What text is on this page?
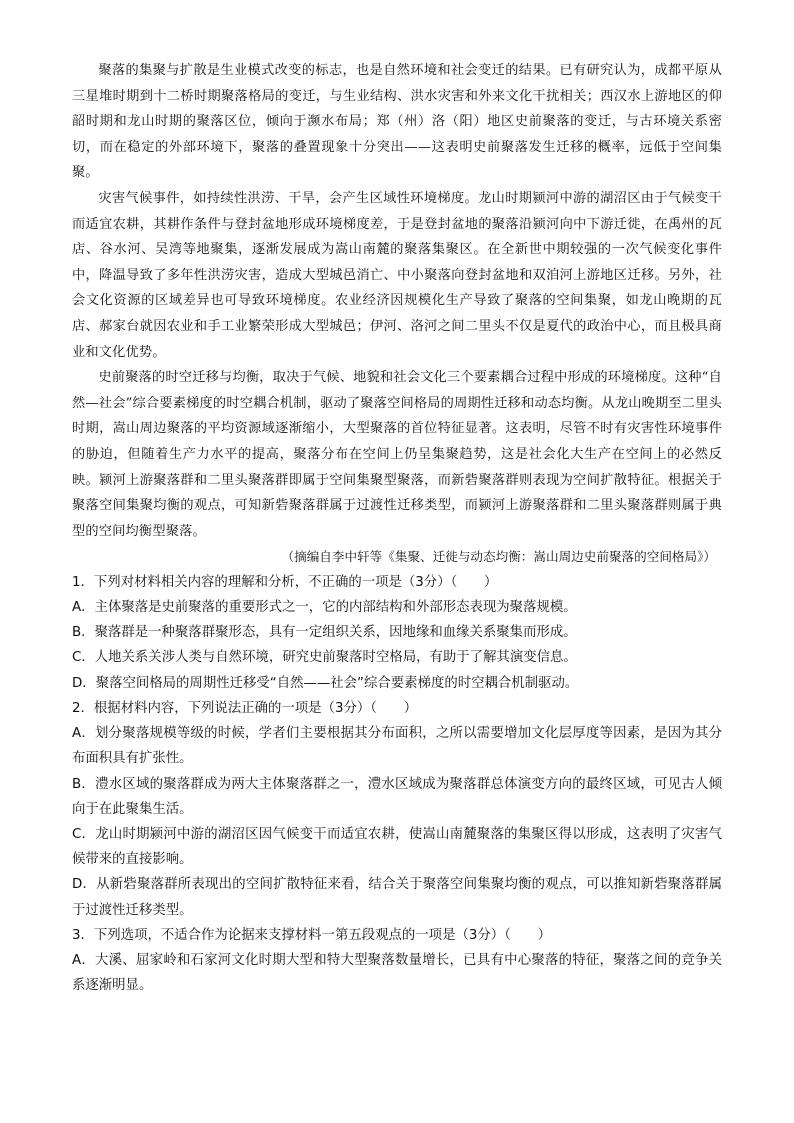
聚落的集聚与扩散是生业模式改变的标志，也是自然环境和社会变迁的结果。已有研究认为，成都平原从三星堆时期到十二桥时期聚落格局的变迁，与生业结构、洪水灾害和外来文化干扰相关；西汉水上游地区的仰韶时期和龙山时期的聚落区位，倾向于濒水布局；郑（州）洛（阳）地区史前聚落的变迁，与古环境关系密切，而在稳定的外部环境下，聚落的叠置现象十分突出——这表明史前聚落发生迁移的概率，远低于空间集聚。

灾害气候事件，如持续性洪涝、干旱，会产生区域性环境梯度。龙山时期颍河中游的湖沼区由于气候变干而适宜农耕，其耕作条件与登封盆地形成环境梯度差，于是登封盆地的聚落沿颍河向中下游迁徙，在禹州的瓦店、谷水河、吴湾等地聚集，逐渐发展成为嵩山南麓的聚落集聚区。在全新世中期较强的一次气候变化事件中，降温导致了多年性洪涝灾害，造成大型城邑消亡、中小聚落向登封盆地和双洎河上游地区迁移。另外，社会文化资源的区域差异也可导致环境梯度。农业经济因规模化生产导致了聚落的空间集聚，如龙山晚期的瓦店、郝家台就因农业和手工业繁荣形成大型城邑；伊河、洛河之间二里头不仅是夏代的政治中心，而且极具商业和文化优势。

史前聚落的时空迁移与均衡，取决于气候、地貌和社会文化三个要素耦合过程中形成的环境梯度。这种“自然—社会”综合要素梯度的时空耦合机制，驱动了聚落空间格局的周期性迁移和动态均衡。从龙山晚期至二里头时期，嵩山周边聚落的平均资源域逐渐缩小，大型聚落的首位特征显著。这表明，尽管不时有灾害性环境事件的胁迫，但随着生产力水平的提高，聚落分布在空间上仍呈集聚趋势，这是社会化大生产在空间上的必然反映。颍河上游聚落群和二里头聚落群即属于空间集聚型聚落，而新砦聚落群则表现为空间扩散特征。根据关于聚落空间集聚均衡的观点，可知新砦聚落群属于过渡性迁移类型，而颍河上游聚落群和二里头聚落群则属于典型的空间均衡型聚落。

（摘编自李中轩等《集聚、迁徙与动态均衡：嵩山周边史前聚落的空间格局》）

1．下列对材料相关内容的理解和分析，不正确的一项是（3分）（　　）

A．主体聚落是史前聚落的重要形式之一，它的内部结构和外部形态表现为聚落规模。

B．聚落群是一种聚落群聚形态，具有一定组织关系，因地缘和血缘关系聚集而形成。

C．人地关系关涉人类与自然环境，研究史前聚落时空格局，有助于了解其演变信息。

D．聚落空间格局的周期性迁移受“自然——社会”综合要素梯度的时空耦合机制驱动。

2．根据材料内容，下列说法正确的一项是（3分）（　　）

A．划分聚落规模等级的时候，学者们主要根据其分布面积，之所以需要增加文化层厚度等因素，是因为其分布面积具有扩张性。

B．澧水区域的聚落群成为两大主体聚落群之一，澧水区域成为聚落群总体演变方向的最终区域，可见古人倾向于在此聚集生活。

C．龙山时期颍河中游的湖沼区因气候变干而适宜农耕，使嵩山南麓聚落的集聚区得以形成，这表明了灾害气候带来的直接影响。

D．从新砦聚落群所表现出的空间扩散特征来看，结合关于聚落空间集聚均衡的观点，可以推知新砦聚落群属于过渡性迁移类型。

3．下列选项，不适合作为论据来支撑材料一第五段观点的一项是（3分）（　　）

A．大溪、屈家岭和石家河文化时期大型和特大型聚落数量增长，已具有中心聚落的特征，聚落之间的竞争关系逐渐明显。
